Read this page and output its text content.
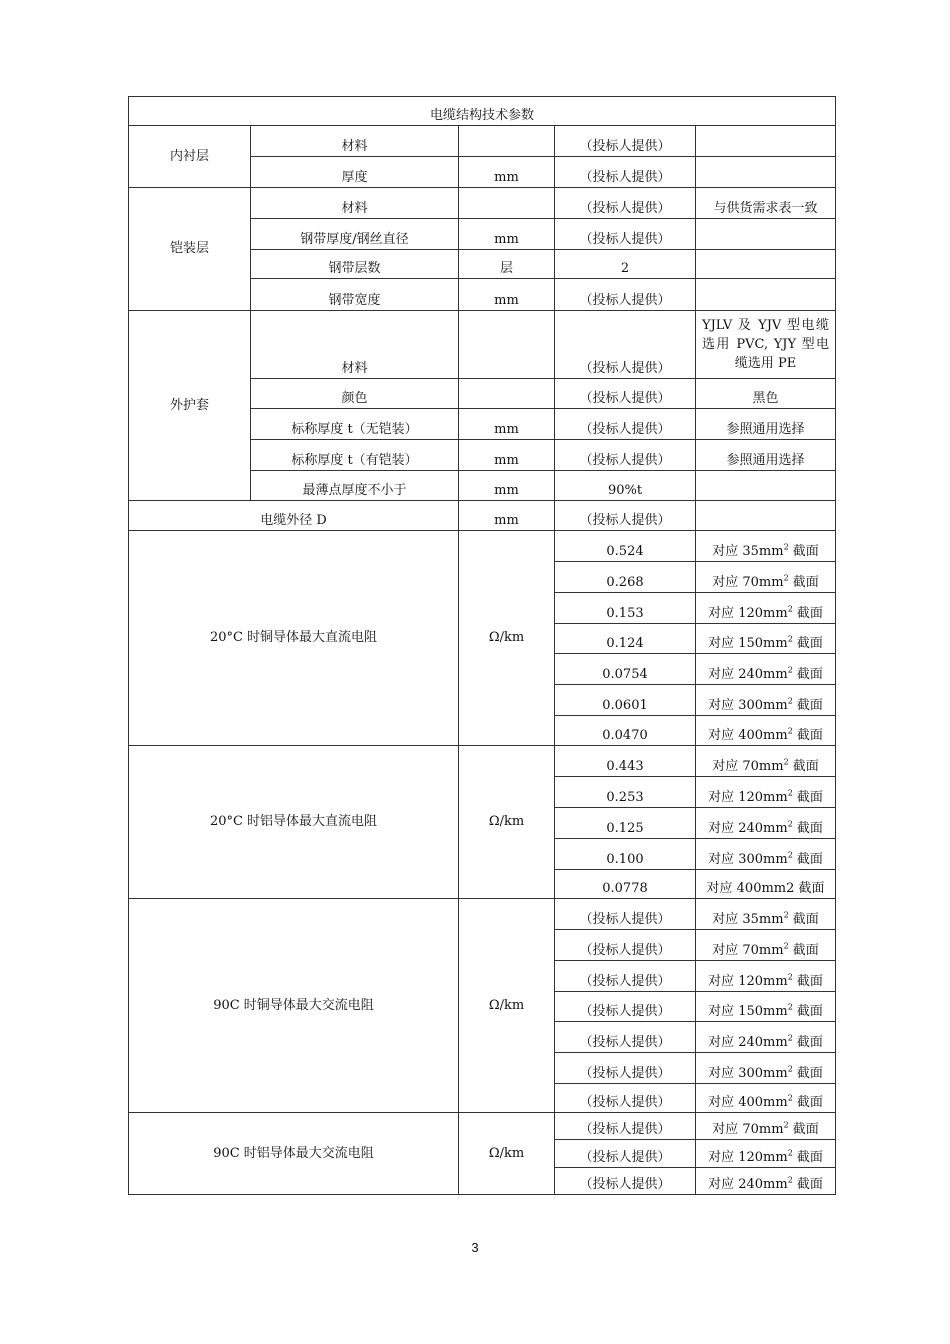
电缆结构技术参数				
内衬层	材料		（投标人提供）	
	厚度	mm	（投标人提供）	
铠装层	材料		（投标人提供）	与供货需求表一致
	钢带厚度/钢丝直径	mm	（投标人提供）	
	钢带层数	层	2	
	钢带宽度	mm	（投标人提供）	
外护套	材料		（投标人提供）	YJLV 及 YJV 型电缆选用 PVC, YJY 型电缆选用 PE
	颜色		（投标人提供）	黑色
	标称厚度 t（无铠装）	mm	（投标人提供）	参照通用选择
	标称厚度 t（有铠装）	mm	（投标人提供）	参照通用选择
	最薄点厚度不小于	mm	90%t	
电缆外径 D		mm	（投标人提供）	
20°C 时铜导体最大直流电阻		Ω/km	0.524	对应 $35mm^2$ 截面
			0.268	对应 $70mm^2$ 截面
			0.153	对应 $120mm^2$ 截面
			0.124	对应 $150mm^2$ 截面
			0.0754	对应 $240mm^2$ 截面
			0.0601	对应 $300mm^2$ 截面
			0.0470	对应 $400mm^2$ 截面
20°C 时铝导体最大直流电阻		Ω/km	0.443	对应 $70mm^2$ 截面
			0.253	对应 $120mm^2$ 截面
			0.125	对应 $240mm^2$ 截面
			0.100	对应 $300mm^2$ 截面
			0.0778	对应 400mm2 截面
90C 时铜导体最大交流电阻		Ω/km	（投标人提供）	对应 $35mm^2$ 截面
			（投标人提供）	对应 $70mm^2$ 截面
			（投标人提供）	对应 $120mm^2$ 截面
			（投标人提供）	对应 $150mm^2$ 截面
			（投标人提供）	对应 $240mm^2$ 截面
			（投标人提供）	对应 $300mm^2$ 截面
			（投标人提供）	对应 $400mm^2$ 截面
90C 时铝导体最大交流电阻		Ω/km	（投标人提供）	对应 $70mm^2$ 截面
			（投标人提供）	对应 $120mm^2$ 截面
			（投标人提供）	对应 $240mm^2$ 截面
3
